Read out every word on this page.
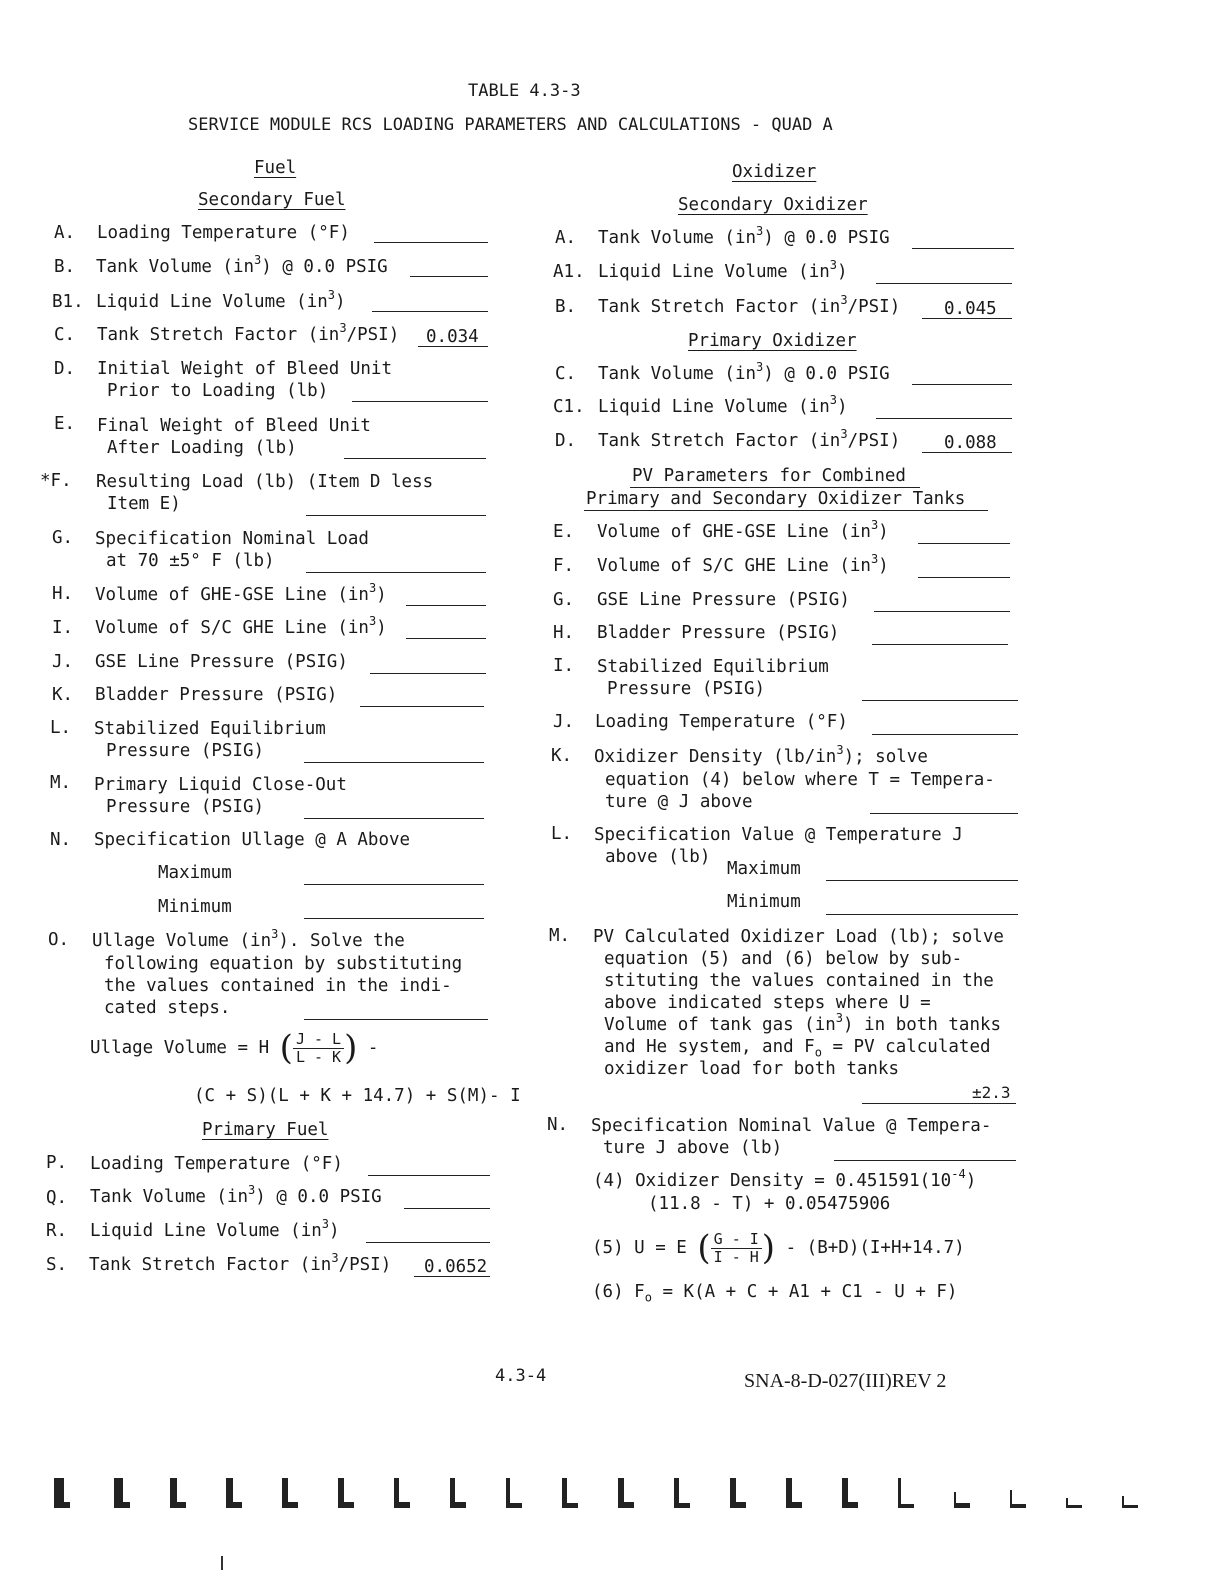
TABLE 4.3-3
SERVICE MODULE RCS LOADING PARAMETERS AND CALCULATIONS - QUAD A
Fuel
Secondary Fuel
A. Loading Temperature (°F)
B. Tank Volume $(in^3)$ @ 0.0 PSIG
B1. Liquid Line Volume $(in^3)$
C. Tank Stretch Factor $(in^3/PSI)$ 0.034
D. Initial Weight of Bleed Unit
Prior to Loading (lb)
E. Final Weight of Bleed Unit
After Loading (lb)
*F. Resulting Load (lb) (Item D less
Item E)
G. Specification Nominal Load
at 70 ±5° F (lb)
H. Volume of GHE-GSE Line $(in^3)$
I. Volume of S/C GHE Line $(in^3)$
J. GSE Line Pressure (PSIG)
K. Bladder Pressure (PSIG)
L. Stabilized Equilibrium
Pressure (PSIG)
M. Primary Liquid Close-Out
Pressure (PSIG)
N. Specification Ullage @ A Above
Maximum
Minimum
O. Ullage Volume $(in^3)$. Solve the
following equation by substituting
the values contained in the indi-
cated steps.
Ullage Volume = H ( $\frac{J - L}{L - K}$ ) -
(C + S)(L + K + 14.7) + S(M)- I
Primary Fuel
P. Loading Temperature (°F)
Q. Tank Volume $(in^3)$ @ 0.0 PSIG
R. Liquid Line Volume $(in^3)$
S. Tank Stretch Factor $(in^3/PSI)$ 0.0652
Oxidizer
Secondary Oxidizer
A. Tank Volume $(in^3)$ @ 0.0 PSIG
A1. Liquid Line Volume $(in^3)$
B. Tank Stretch Factor $(in^3/PSI)$	0.045
Primary Oxidizer
C. Tank Volume $(in^3)$ @ 0.0 PSIG
C1. Liquid Line Volume $(in^3)$
D. Tank Stretch Factor $(in^3/PSI)$	0.088
PV Parameters for Combined
Primary and Secondary Oxidizer Tanks
E. Volume of GHE-GSE Line $(in^3)$
F. Volume of S/C GHE Line $(in^3)$
G. GSE Line Pressure (PSIG)
H. Bladder Pressure (PSIG)
I. Stabilized Equilibrium
Pressure (PSIG)
J. Loading Temperature (°F)
K. Oxidizer Density $(lb/in^3)$; solve
equation (4) below where T = Tempera-
ture @ J above
L. Specification Value @ Temperature J
above (lb)
Maximum
Minimum
M. PV Calculated Oxidizer Load (lb); solve
equation (5) and (6) below by sub-
stituting the values contained in the
above indicated steps where U =
Volume of tank gas $(in^3)$ in both tanks
and He system, and $F_o$ = PV calculated
oxidizer load for both tanks
±2.3
N. Specification Nominal Value @ Tempera-
ture J above (lb)
(4) Oxidizer Density = $0.451591(10^{-4})$
(11.8 - T) + 0.05475906
(5) U = E ( $\frac{G - I}{I - H}$ ) - (B+D)(I+H+14.7)
(6) $F_o = K(A + C + A1 + C1 - U + F)$
4.3-4	SNA-8-D-027(III)REV 2
